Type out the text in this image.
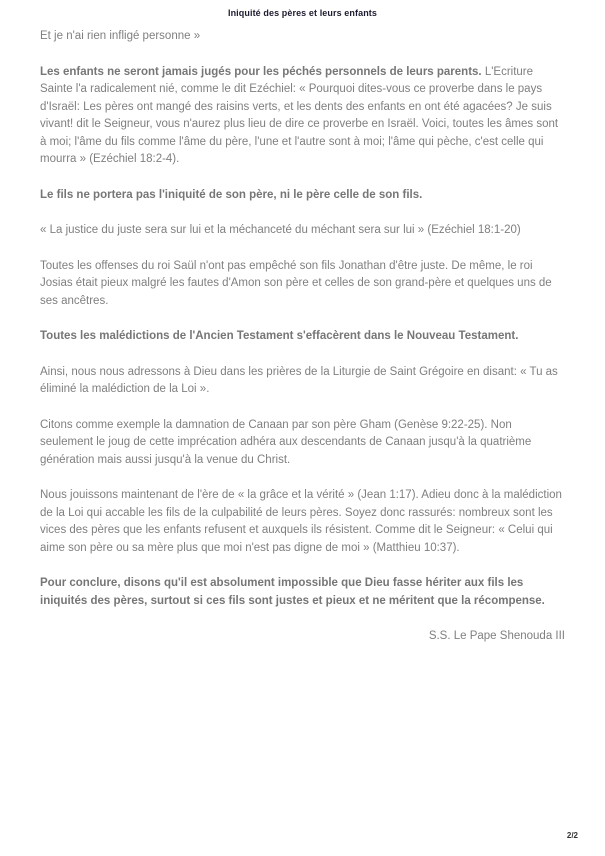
Iniquité des pères et leurs enfants

Et je n'ai rien infligé personne »

Les enfants ne seront jamais jugés pour les péchés personnels de leurs parents. L'Ecriture Sainte l'a radicalement nié, comme le dit Ezéchiel: « Pourquoi dites-vous ce proverbe dans le pays d'Israël: Les pères ont mangé des raisins verts, et les dents des enfants en ont été agacées? Je suis vivant! dit le Seigneur, vous n'aurez plus lieu de dire ce proverbe en Israël. Voici, toutes les âmes sont à moi; l'âme du fils comme l'âme du père, l'une et l'autre sont à moi; l'âme qui pèche, c'est celle qui mourra » (Ezéchiel 18:2-4).

Le fils ne portera pas l'iniquité de son père, ni le père celle de son fils.

« La justice du juste sera sur lui et la méchanceté du méchant sera sur lui » (Ezéchiel 18:1-20)

Toutes les offenses du roi Saül n'ont pas empêché son fils Jonathan d'être juste. De même, le roi Josias était pieux malgré les fautes d'Amon son père et celles de son grand-père et quelques uns de ses ancêtres.

Toutes les malédictions de l'Ancien Testament s'effacèrent dans le Nouveau Testament.

Ainsi, nous nous adressons à Dieu dans les prières de la Liturgie de Saint Grégoire en disant: « Tu as éliminé la malédiction de la Loi ».

Citons comme exemple la damnation de Canaan par son père Gham (Genèse 9:22-25). Non seulement le joug de cette imprécation adhéra aux descendants de Canaan jusqu'à la quatrième génération mais aussi jusqu'à la venue du Christ.

Nous jouissons maintenant de l'ère de « la grâce et la vérité » (Jean 1:17). Adieu donc à la malédiction de la Loi qui accable les fils de la culpabilité de leurs pères. Soyez donc rassurés: nombreux sont les vices des pères que les enfants refusent et auxquels ils résistent. Comme dit le Seigneur: « Celui qui aime son père ou sa mère plus que moi n'est pas digne de moi » (Matthieu 10:37).

Pour conclure, disons qu'il est absolument impossible que Dieu fasse hériter aux fils les iniquités des pères, surtout si ces fils sont justes et pieux et ne méritent que la récompense.

S.S. Le Pape Shenouda III

2/2
